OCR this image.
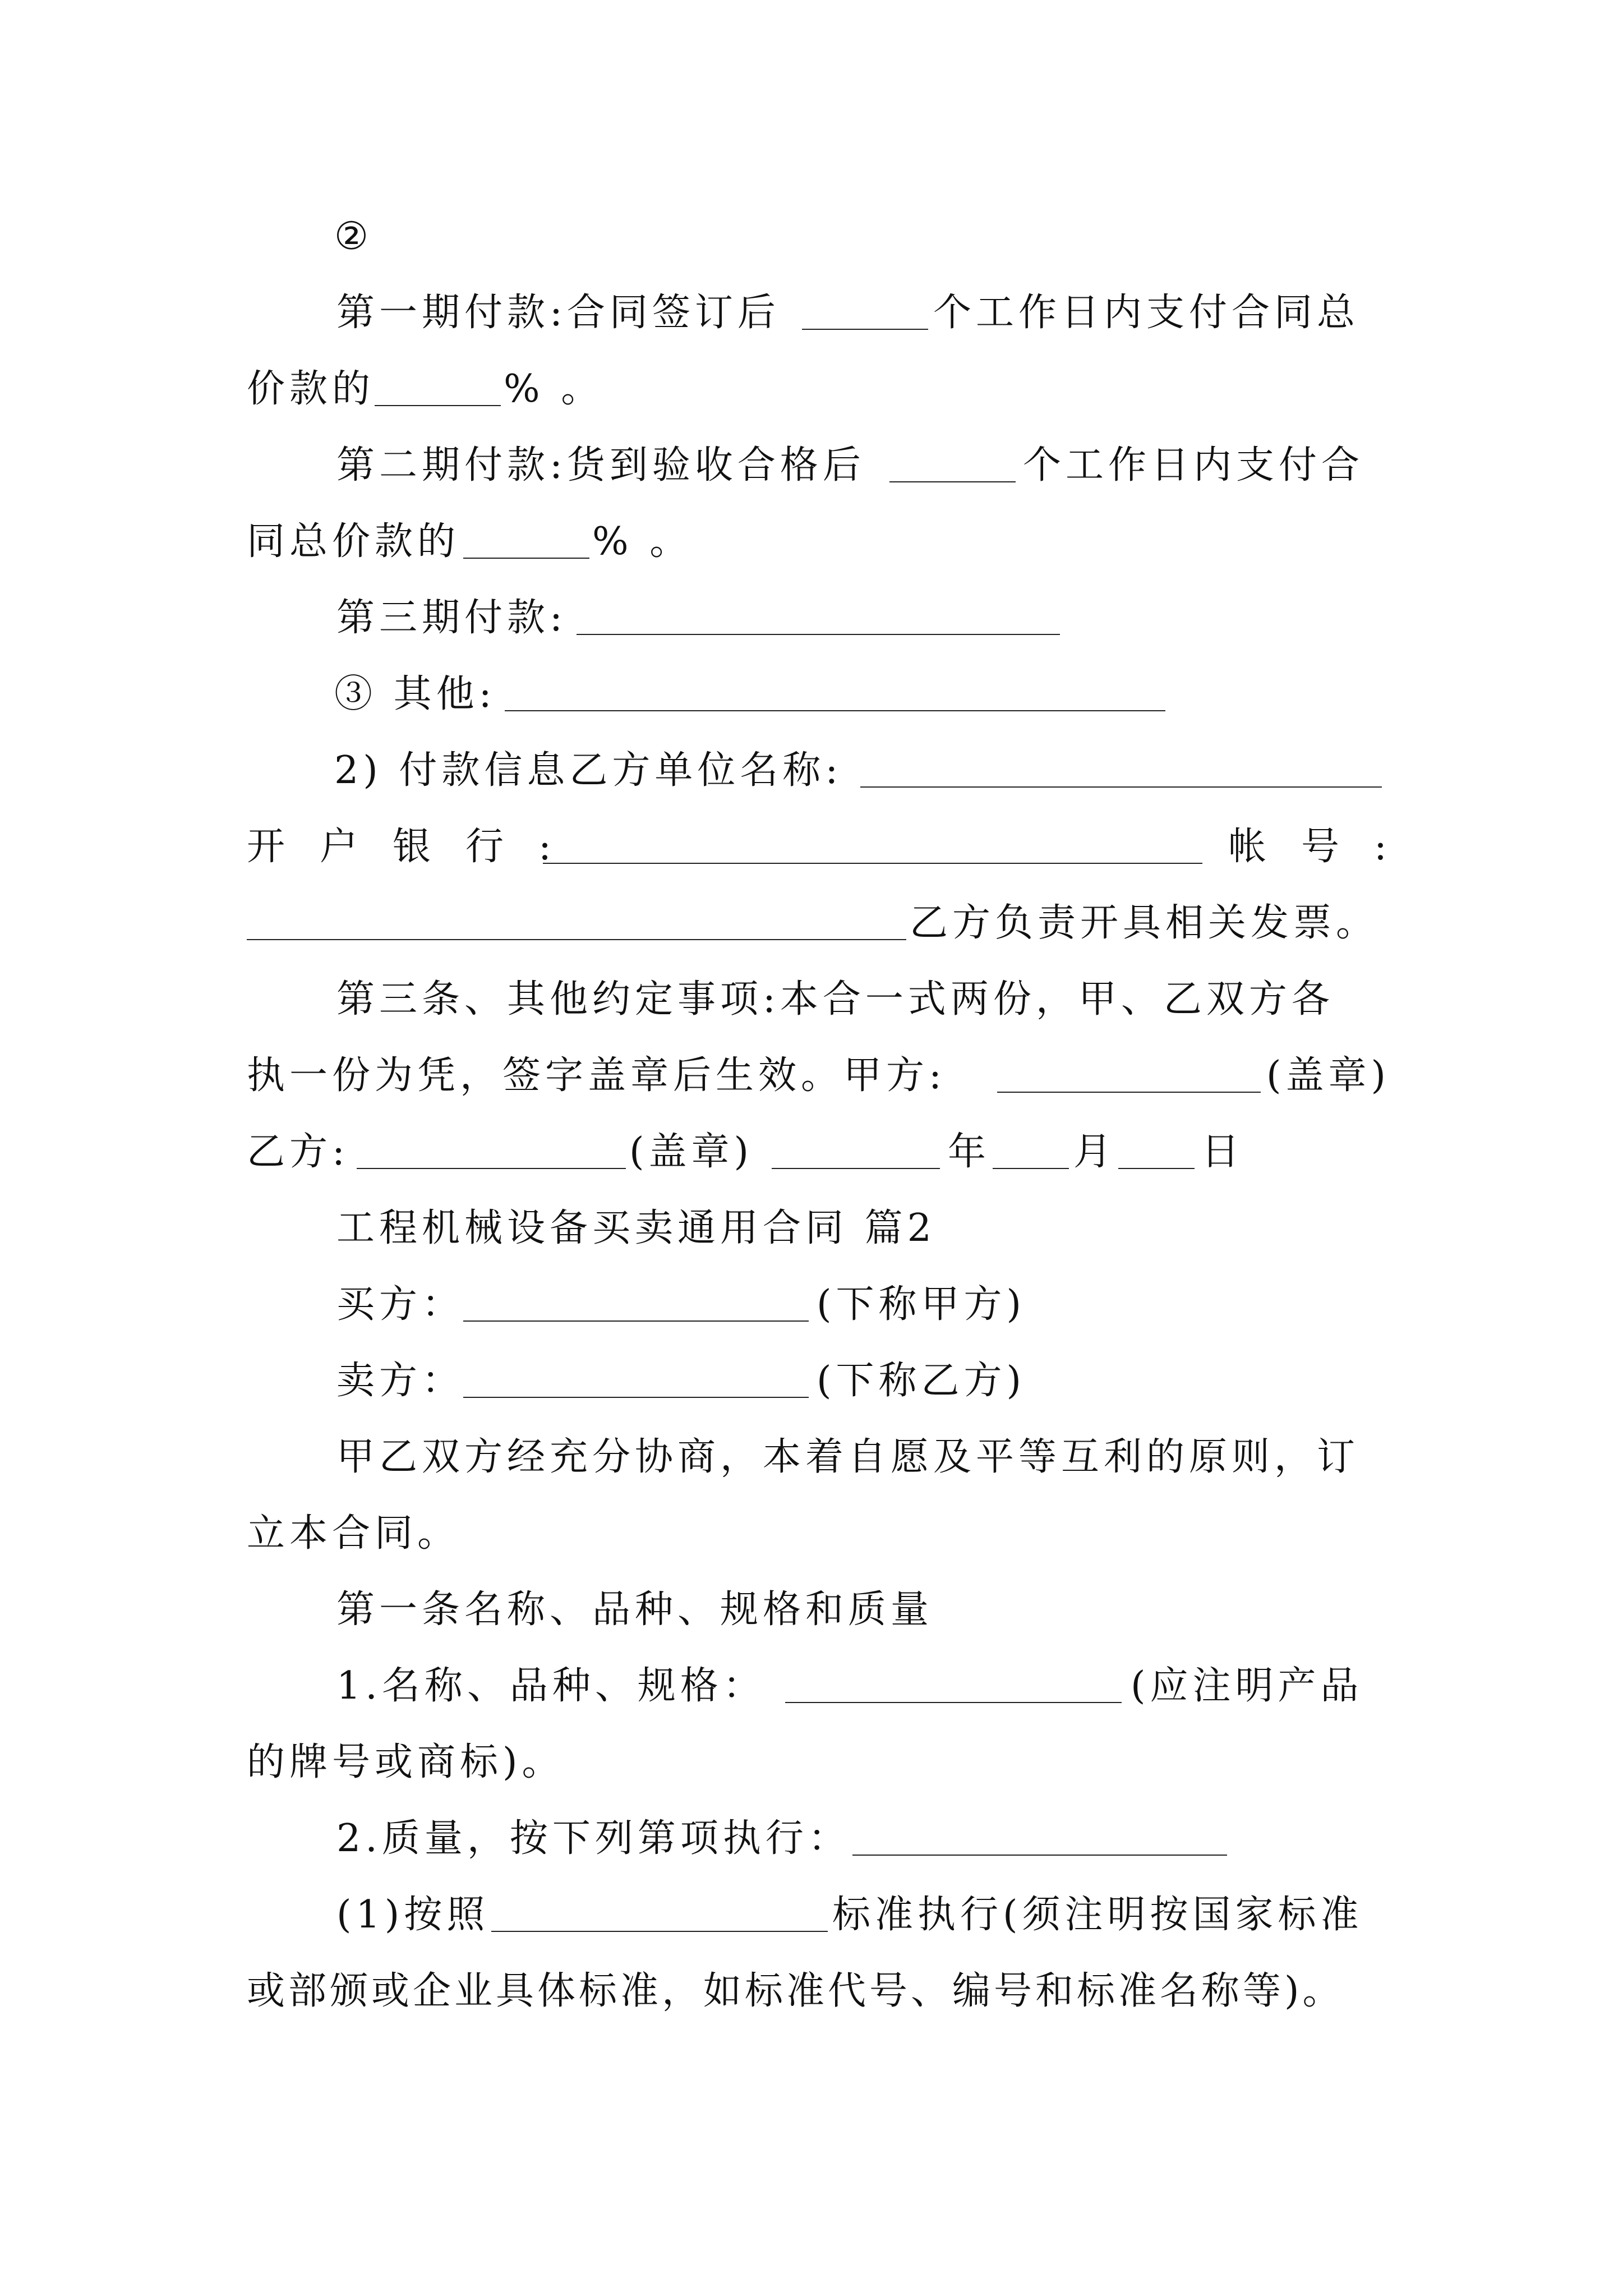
②
第一期付款:合同签订后	个工作日内支付合同总
价款的	% 。
第二期付款:货到验收合格后	个工作日内支付合
同总价款的	% 。
第三期付款:
③ 其他:
2) 付款信息乙方单位名称:
开户银行:	帐号:
乙方负责开具相关发票。
第三条、其他约定事项:本合一式两份，甲、乙双方各
执一份为凭，签字盖章后生效。甲方:	(盖章)
乙方:	(盖章)	年 月 日
工程机械设备买卖通用合同 篇2
买方：	(下称甲方)
卖方：	(下称乙方)
甲乙双方经充分协商，本着自愿及平等互利的原则，订
立本合同。
第一条名称、品种、规格和质量
1.名称、品种、规格：	(应注明产品
的牌号或商标)。
2.质量，按下列第项执行：
(1)按照	标准执行(须注明按国家标准
或部颁或企业具体标准，如标准代号、编号和标准名称等)。
